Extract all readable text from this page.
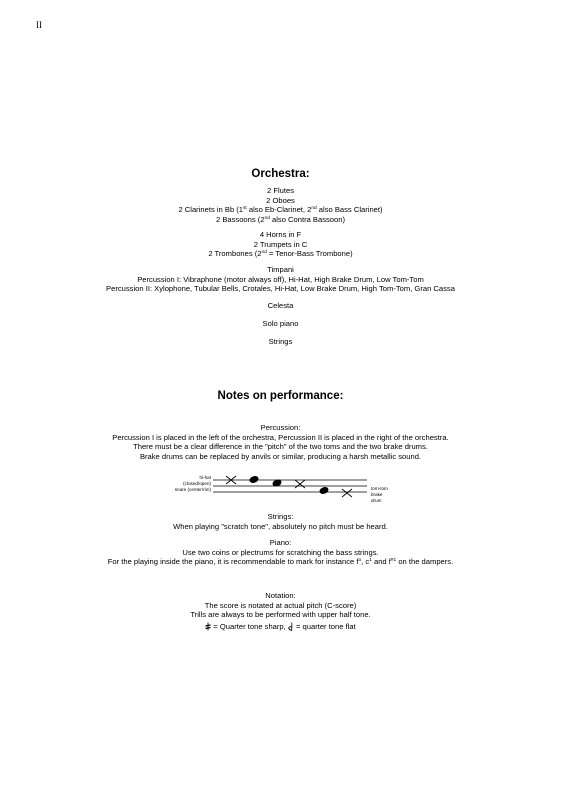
II
Orchestra:
2 Flutes
2 Oboes
2 Clarinets in Bb (1st also Eb-Clarinet, 2nd also Bass Clarinet)
2 Bassoons (2nd also Contra Bassoon)
4 Horns in F
2 Trumpets in C
2 Trombones (2nd = Tenor-Bass Trombone)
Timpani
Percussion I: Vibraphone (motor always off), Hi-Hat, High Brake Drum, Low Tom-Tom
Percussion II: Xylophone, Tubular Bells, Crotales, Hi-Hat, Low Brake Drum, High Tom-Tom, Gran Cassa
Celesta
Solo piano
Strings
Notes on performance:
Percussion:
Percussion I is placed in the left of the orchestra, Percussion II is placed in the right of the orchestra.
There must be a clear difference in the "pitch" of the two toms and the two brake drums.
Brake drums can be replaced by anvils or similar, producing a harsh metallic sound.
hi-hat
(closed/open)
snare (center/rim)	tom-tom
brake
drum
Strings:
When playing "scratch tone", absolutely no pitch must be heard.
Piano:
Use two coins or plectrums for scratching the bass strings.
For the playing inside the piano, it is recommendable to mark for instance $f^o$, $c^1$ and $f^{\#1}$ on the dampers.
Notation:
The score is notated at actual pitch (C-score)
Trills are always to be performed with upper half tone.
= Quarter tone sharp,  = quarter tone flat
